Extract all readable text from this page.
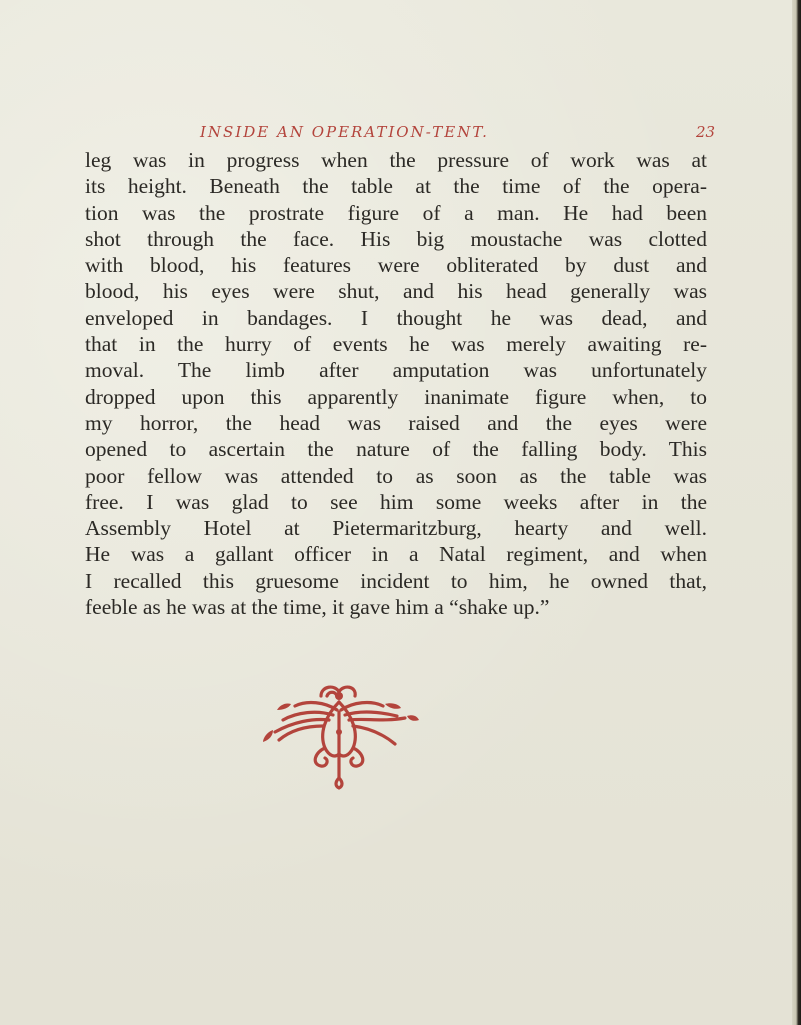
INSIDE AN OPERATION-TENT.	23
leg was in progress when the pressure of work was at
its height. Beneath the table at the time of the opera-
tion was the prostrate figure of a man. He had been
shot through the face. His big moustache was clotted
with blood, his features were obliterated by dust and
blood, his eyes were shut, and his head generally was
enveloped in bandages. I thought he was dead, and
that in the hurry of events he was merely awaiting re-
moval. The limb after amputation was unfortunately
dropped upon this apparently inanimate figure when, to
my horror, the head was raised and the eyes were
opened to ascertain the nature of the falling body. This
poor fellow was attended to as soon as the table was
free. I was glad to see him some weeks after in the
Assembly Hotel at Pietermaritzburg, hearty and well.
He was a gallant officer in a Natal regiment, and when
I recalled this gruesome incident to him, he owned that,
feeble as he was at the time, it gave him a “shake up.”
